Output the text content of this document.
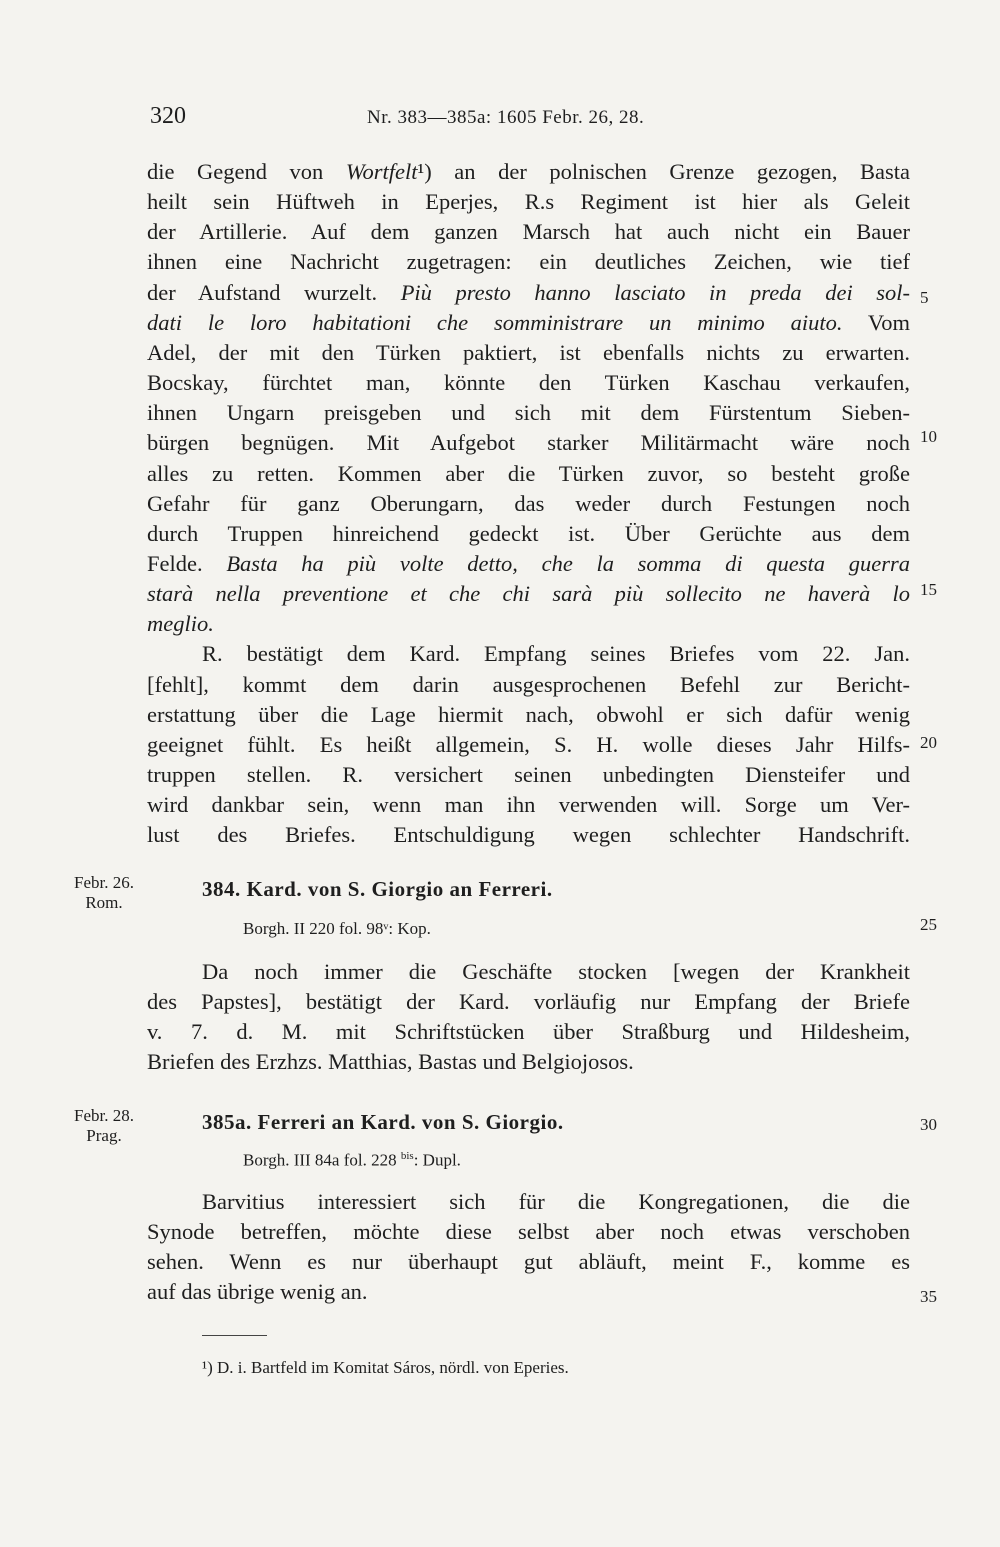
320	Nr. 383—385a: 1605 Febr. 26, 28.
die Gegend von Wortfelt¹) an der polnischen Grenze gezogen, Basta
heilt sein Hüftweh in Eperjes, R.s Regiment ist hier als Geleit
der Artillerie. Auf dem ganzen Marsch hat auch nicht ein Bauer
ihnen eine Nachricht zugetragen: ein deutliches Zeichen, wie tief
der Aufstand wurzelt. Più presto hanno lasciato in preda dei sol-
dati le loro habitationi che somministrare un minimo aiuto. Vom
Adel, der mit den Türken paktiert, ist ebenfalls nichts zu erwarten.
Bocskay, fürchtet man, könnte den Türken Kaschau verkaufen,
ihnen Ungarn preisgeben und sich mit dem Fürstentum Sieben-
bürgen begnügen. Mit Aufgebot starker Militärmacht wäre noch
alles zu retten. Kommen aber die Türken zuvor, so besteht große
Gefahr für ganz Oberungarn, das weder durch Festungen noch
durch Truppen hinreichend gedeckt ist. Über Gerüchte aus dem
Felde. Basta ha più volte detto, che la somma di questa guerra
starà nella preventione et che chi sarà più sollecito ne haverà lo
meglio.
R. bestätigt dem Kard. Empfang seines Briefes vom 22. Jan.
[fehlt], kommt dem darin ausgesprochenen Befehl zur Bericht-
erstattung über die Lage hiermit nach, obwohl er sich dafür wenig
geeignet fühlt. Es heißt allgemein, S. H. wolle dieses Jahr Hilfs-
truppen stellen. R. versichert seinen unbedingten Diensteifer und
wird dankbar sein, wenn man ihn verwenden will. Sorge um Ver-
lust des Briefes. Entschuldigung wegen schlechter Handschrift.
5
10
15
20
25
30
35
Febr. 26.
Rom.
384. Kard. von S. Giorgio an Ferreri.
Borgh. II 220 fol. 98ᵛ: Kop.
Da noch immer die Geschäfte stocken [wegen der Krankheit
des Papstes], bestätigt der Kard. vorläufig nur Empfang der Briefe
v. 7. d. M. mit Schriftstücken über Straßburg und Hildesheim,
Briefen des Erzhzs. Matthias, Bastas und Belgiojosos.
Febr. 28.
Prag.
385a. Ferreri an Kard. von S. Giorgio.
Borgh. III 84a fol. 228 $^{bis}$: Dupl.
Barvitius interessiert sich für die Kongregationen, die die
Synode betreffen, möchte diese selbst aber noch etwas verschoben
sehen. Wenn es nur überhaupt gut abläuft, meint F., komme es
auf das übrige wenig an.
¹) D. i. Bartfeld im Komitat Sáros, nördl. von Eperies.
